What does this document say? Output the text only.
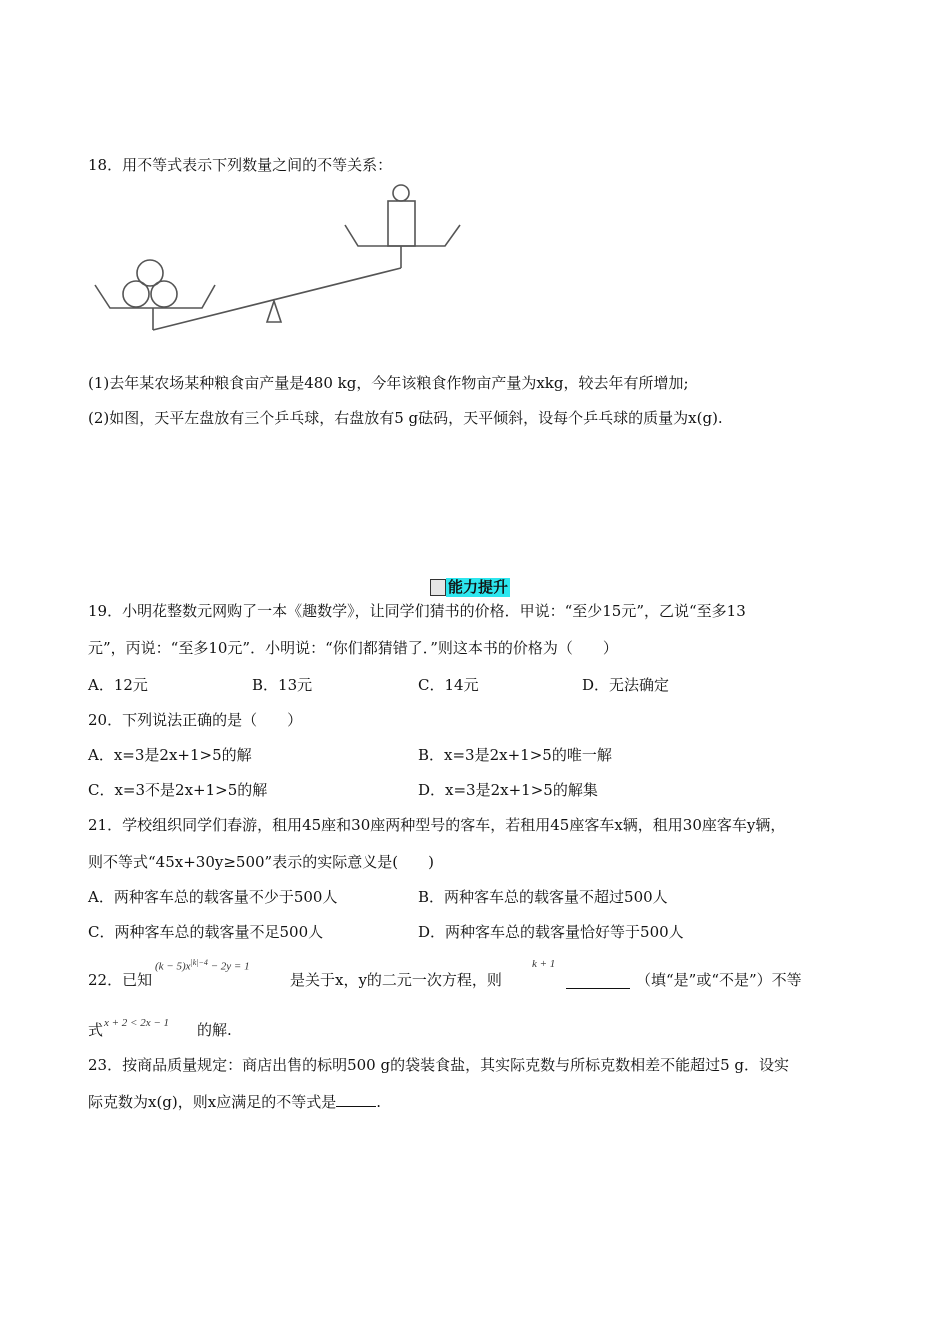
18．用不等式表示下列数量之间的不等关系：
(1)去年某农场某种粮食亩产量是480 kg，今年该粮食作物亩产量为xkg，较去年有所增加;
(2)如图，天平左盘放有三个乒乓球，右盘放有5 g砝码，天平倾斜，设每个乒乓球的质量为x(g).
能力提升
19．小明花整数元网购了一本《趣数学》，让同学们猜书的价格．甲说：“至少15元”，乙说“至多13
元”，丙说：“至多10元”．小明说：“你们都猜错了．”则这本书的价格为（　　）
A．12元	B．13元	C．14元	D．无法确定
20．下列说法正确的是（　　）
A．x=3是2x+1>5的解	B．x=3是2x+1>5的唯一解
C．x=3不是2x+1>5的解	D．x=3是2x+1>5的解集
21．学校组织同学们春游，租用45座和30座两种型号的客车，若租用45座客车x辆，租用30座客车y辆，
则不等式“45x+30y≥500”表示的实际意义是(　　)
A．两种客车总的载客量不少于500人	B．两种客车总的载客量不超过500人
C．两种客车总的载客量不足500人	D．两种客车总的载客量恰好等于500人
22．已知
$(k - 5)x^{|k|-4} - 2y = 1$
是关于x，y的二元一次方程，则
k + 1
（填“是”或“不是”）不等
式 x + 2 < 2x − 1 的解.
23．按商品质量规定：商店出售的标明500 g的袋装食盐，其实际克数与所标克数相差不能超过5 g．设实
际克数为x(g)，则x应满足的不等式是	.
